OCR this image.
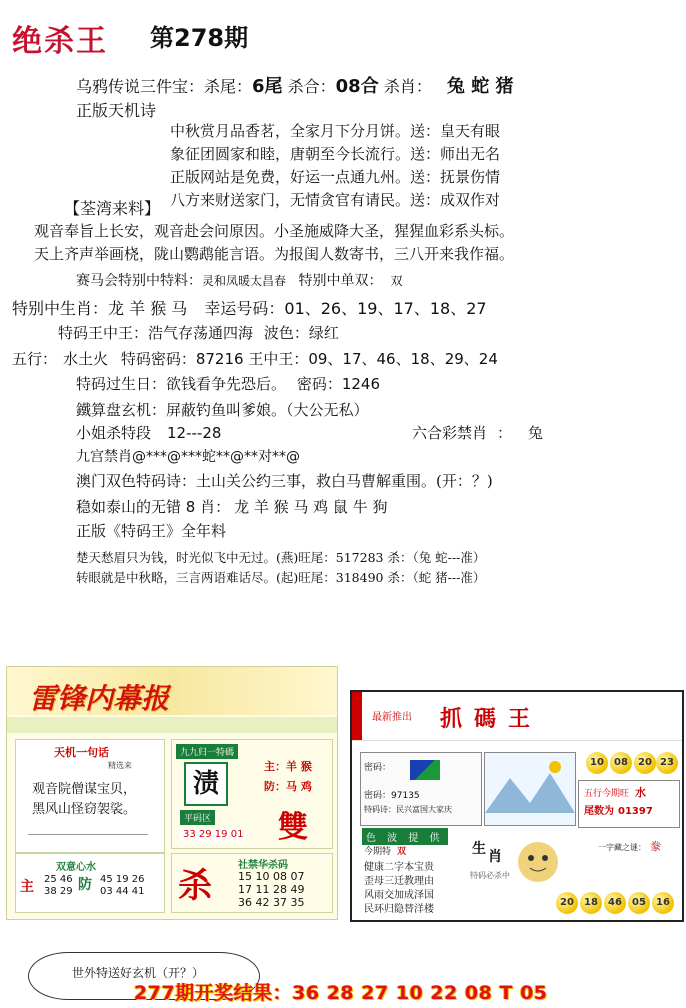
绝杀王 第278期
乌鸦传说三件宝：杀尾：6尾 杀合：08合 杀肖： 兔 蛇 猪
正版天机诗
中秋赏月品香茗，全家月下分月饼。送：皇天有眼
象征团圆家和睦，唐朝至今长流行。送：师出无名
正版网站是免费，好运一点通九州。送：抚景伤情
八方来财送家门，无情贪官有请民。送：成双作对
【荃湾来料】
观音奉旨上长安，观音赴会问原因。小圣施威降大圣，猩猩血彩系头标。
天上齐声举画桡，陇山鹦鹉能言语。为报闺人数寄书，三八开来我作福。
赛马会特别中特料：灵和凤暖太昌春 特别中单双： 双
特别中生肖：龙 羊 猴 马 幸运号码：01、26、19、17、18、27
特码王中王：浩气存荡通四海 波色：绿红
五行： 水土火 特码密码：87216 王中王：09、17、46、18、29、24
特码过生日：欲钱看争先恐后。 密码：1246
鐵算盘玄机：屏蔽钓鱼叫爹娘。（大公无私）
小姐杀特段 12---28	六合彩禁肖 ： 兔
九宫禁肖@***@***蛇**@**对**@
澳门双色特码诗：土山关公约三事，救白马曹解重围。(开：？)
稳如泰山的无错 8 肖： 龙 羊 猴 马 鸡 鼠 牛 狗
正版《特码王》全年料
楚天愁眉只为钱，时光似飞中无过。(燕)旺尾：517283 杀：（兔 蛇---准）
转眼就是中秋略，三言两语难话尽。(起)旺尾：318490 杀：（蛇 猪---准）
雷锋内幕报
天机一句话
精选来
观音院僧谋宝贝，
黑风山怪窃袈裟。
九九归一特碼
渍
主：羊 猴
防：马 鸡
平码区
33 29 19 01 雙
双意心水
主 25 46
38 29 防 45 19 26
03 44 41 杀
社禁华杀码
15 10 08 07
17 11 28 49
36 42 37 35
最新推出 抓碼王
10	08	20 23
密码：
密码：97135
特码诗：民兴富国大家庆
五行今期旺 水
尾数为 01397
色 波 提 供
今期特 双
健康二字本宝贵
歪母三迁教理由
风雨交加成泽国
民环归隐替洋楼
生 肖
特码必杀中
一字藏之谜： 豢
20	18	46	05	16
世外特送好玄机（开？）
277期开奖结果：36 28 27 10 22 08 T 05
